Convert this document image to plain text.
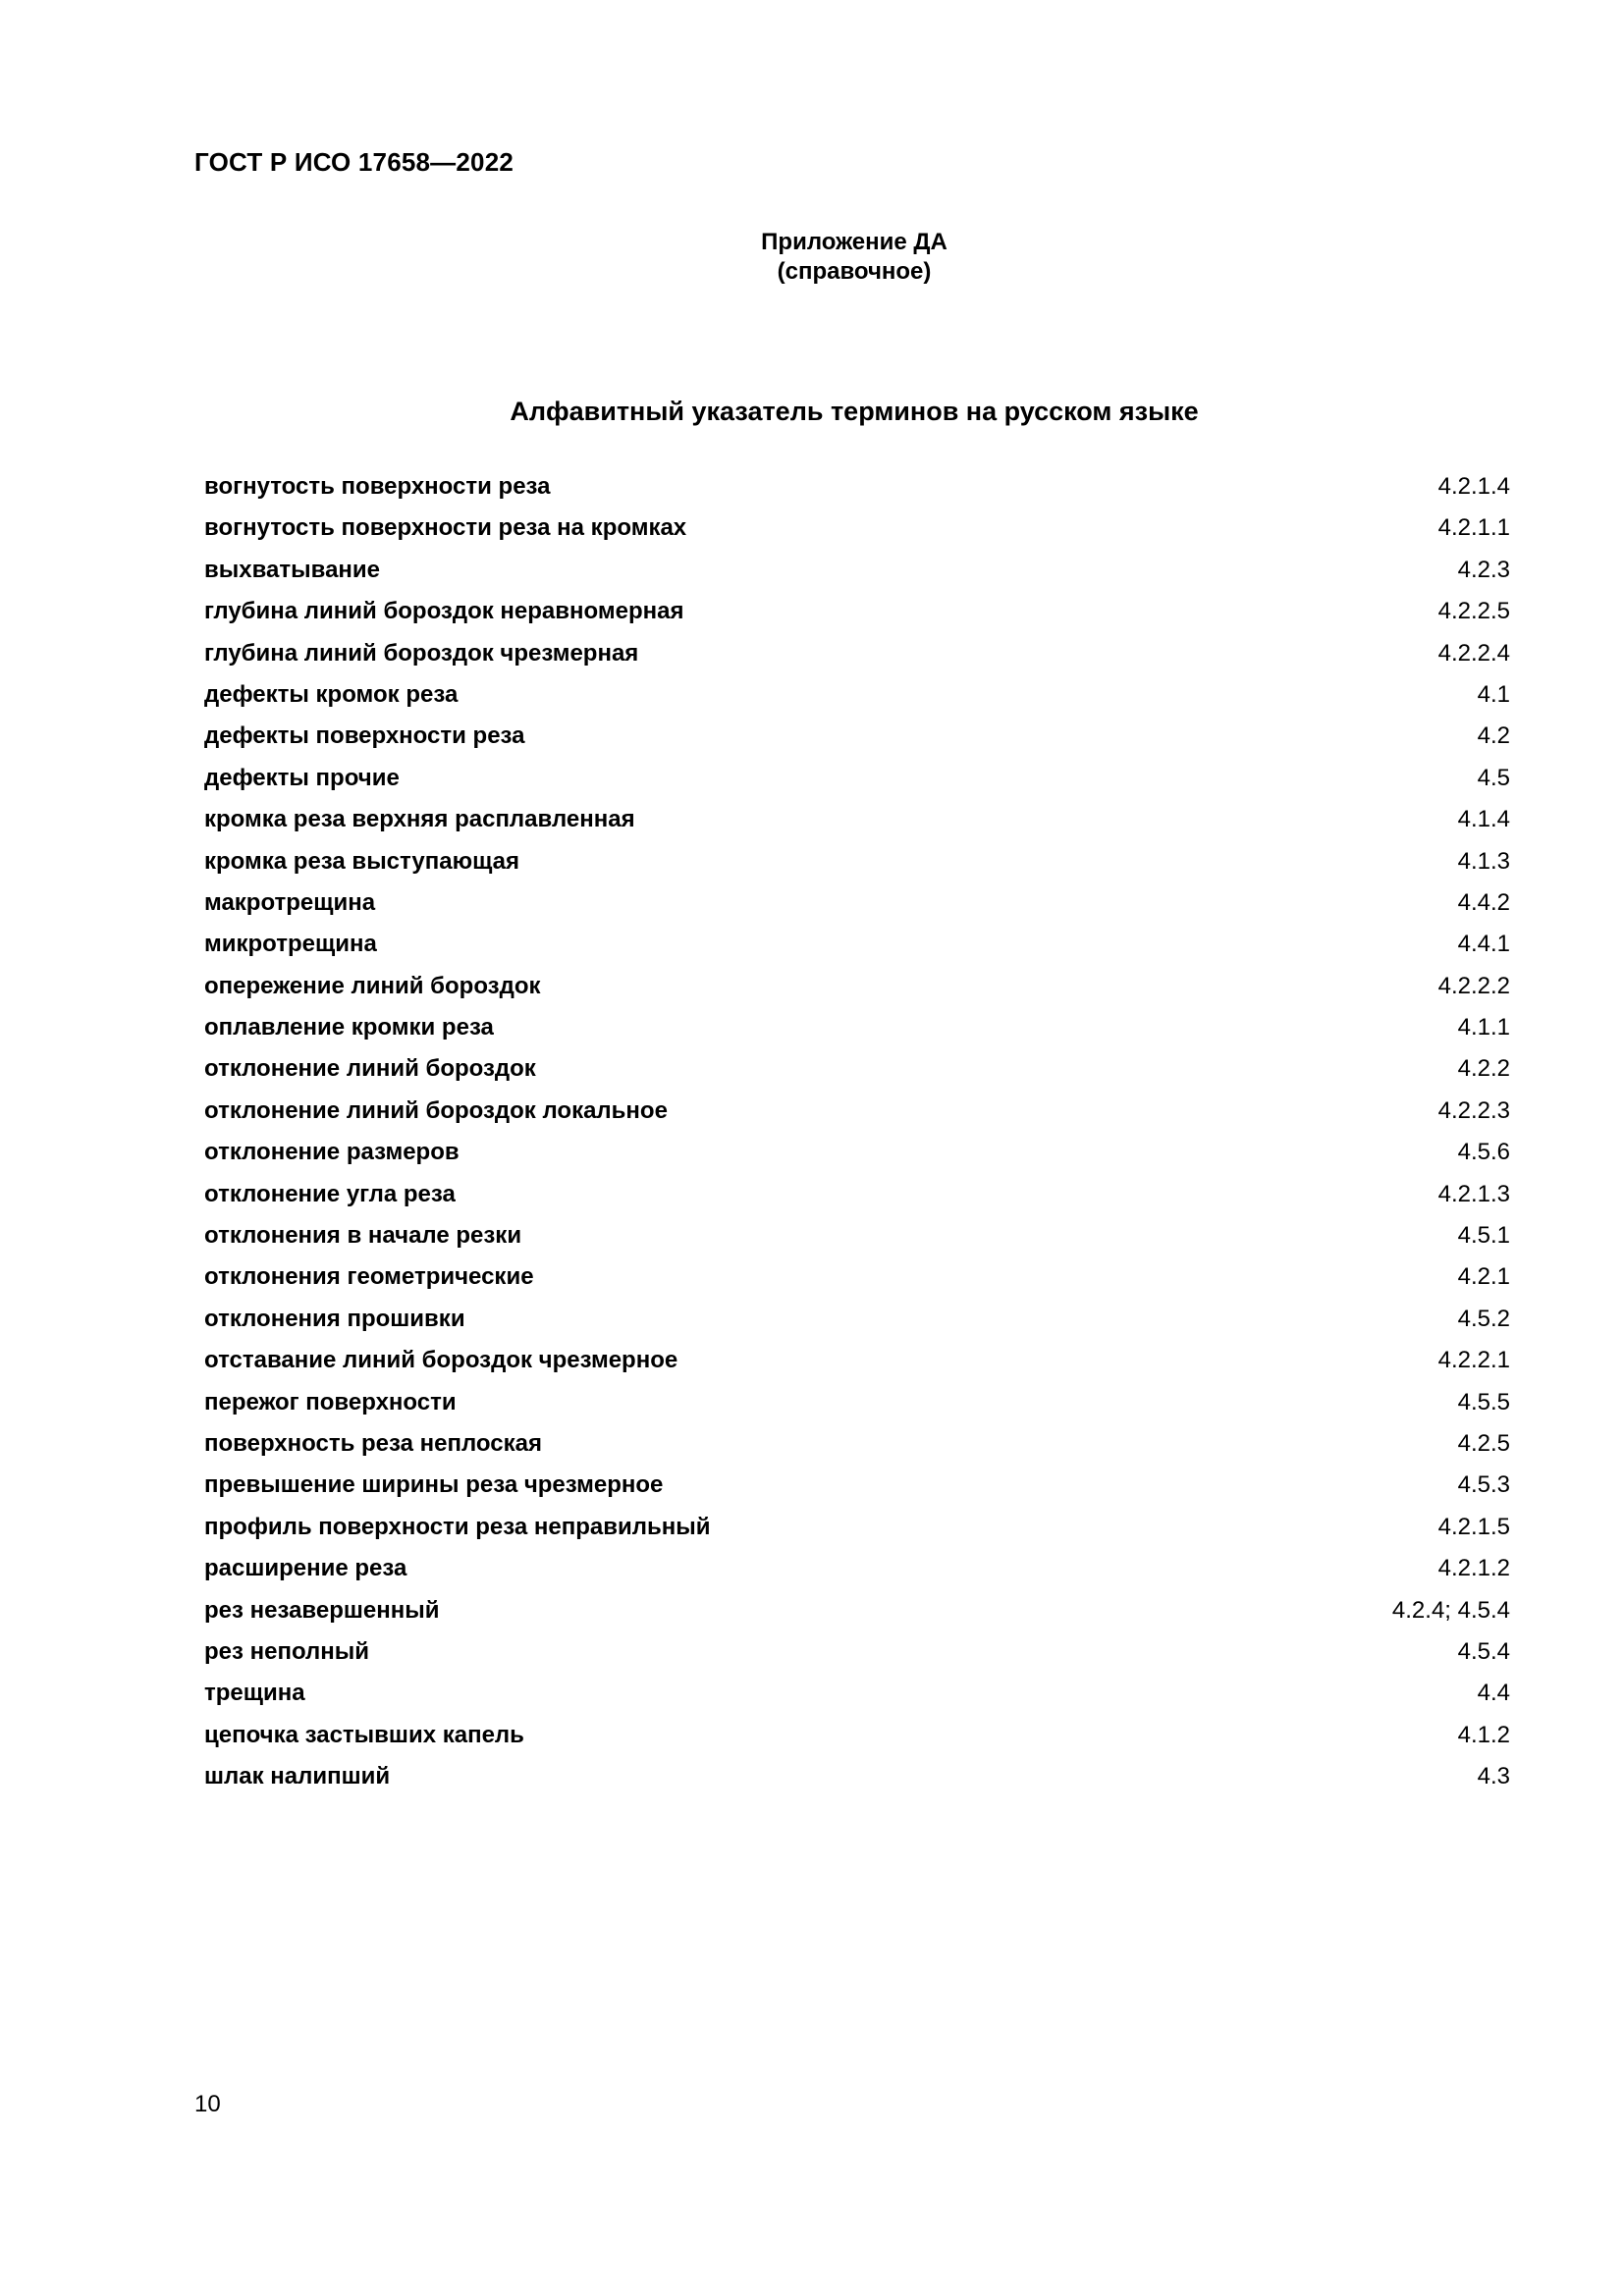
ГОСТ Р ИСО 17658—2022
Приложение ДА
(справочное)
Алфавитный указатель терминов на русском языке
вогнутость поверхности реза	4.2.1.4
вогнутость поверхности реза на кромках	4.2.1.1
выхватывание	4.2.3
глубина линий бороздок неравномерная	4.2.2.5
глубина линий бороздок чрезмерная	4.2.2.4
дефекты кромок реза	4.1
дефекты поверхности реза	4.2
дефекты прочие	4.5
кромка реза верхняя расплавленная	4.1.4
кромка реза выступающая	4.1.3
макротрещина	4.4.2
микротрещина	4.4.1
опережение линий бороздок	4.2.2.2
оплавление кромки реза	4.1.1
отклонение линий бороздок	4.2.2
отклонение линий бороздок локальное	4.2.2.3
отклонение размеров	4.5.6
отклонение угла реза	4.2.1.3
отклонения в начале резки	4.5.1
отклонения геометрические	4.2.1
отклонения прошивки	4.5.2
отставание линий бороздок чрезмерное	4.2.2.1
пережог поверхности	4.5.5
поверхность реза неплоская	4.2.5
превышение ширины реза чрезмерное	4.5.3
профиль поверхности реза неправильный	4.2.1.5
расширение реза	4.2.1.2
рез незавершенный	4.2.4; 4.5.4
рез неполный	4.5.4
трещина	4.4
цепочка застывших капель	4.1.2
шлак налипший	4.3
10
